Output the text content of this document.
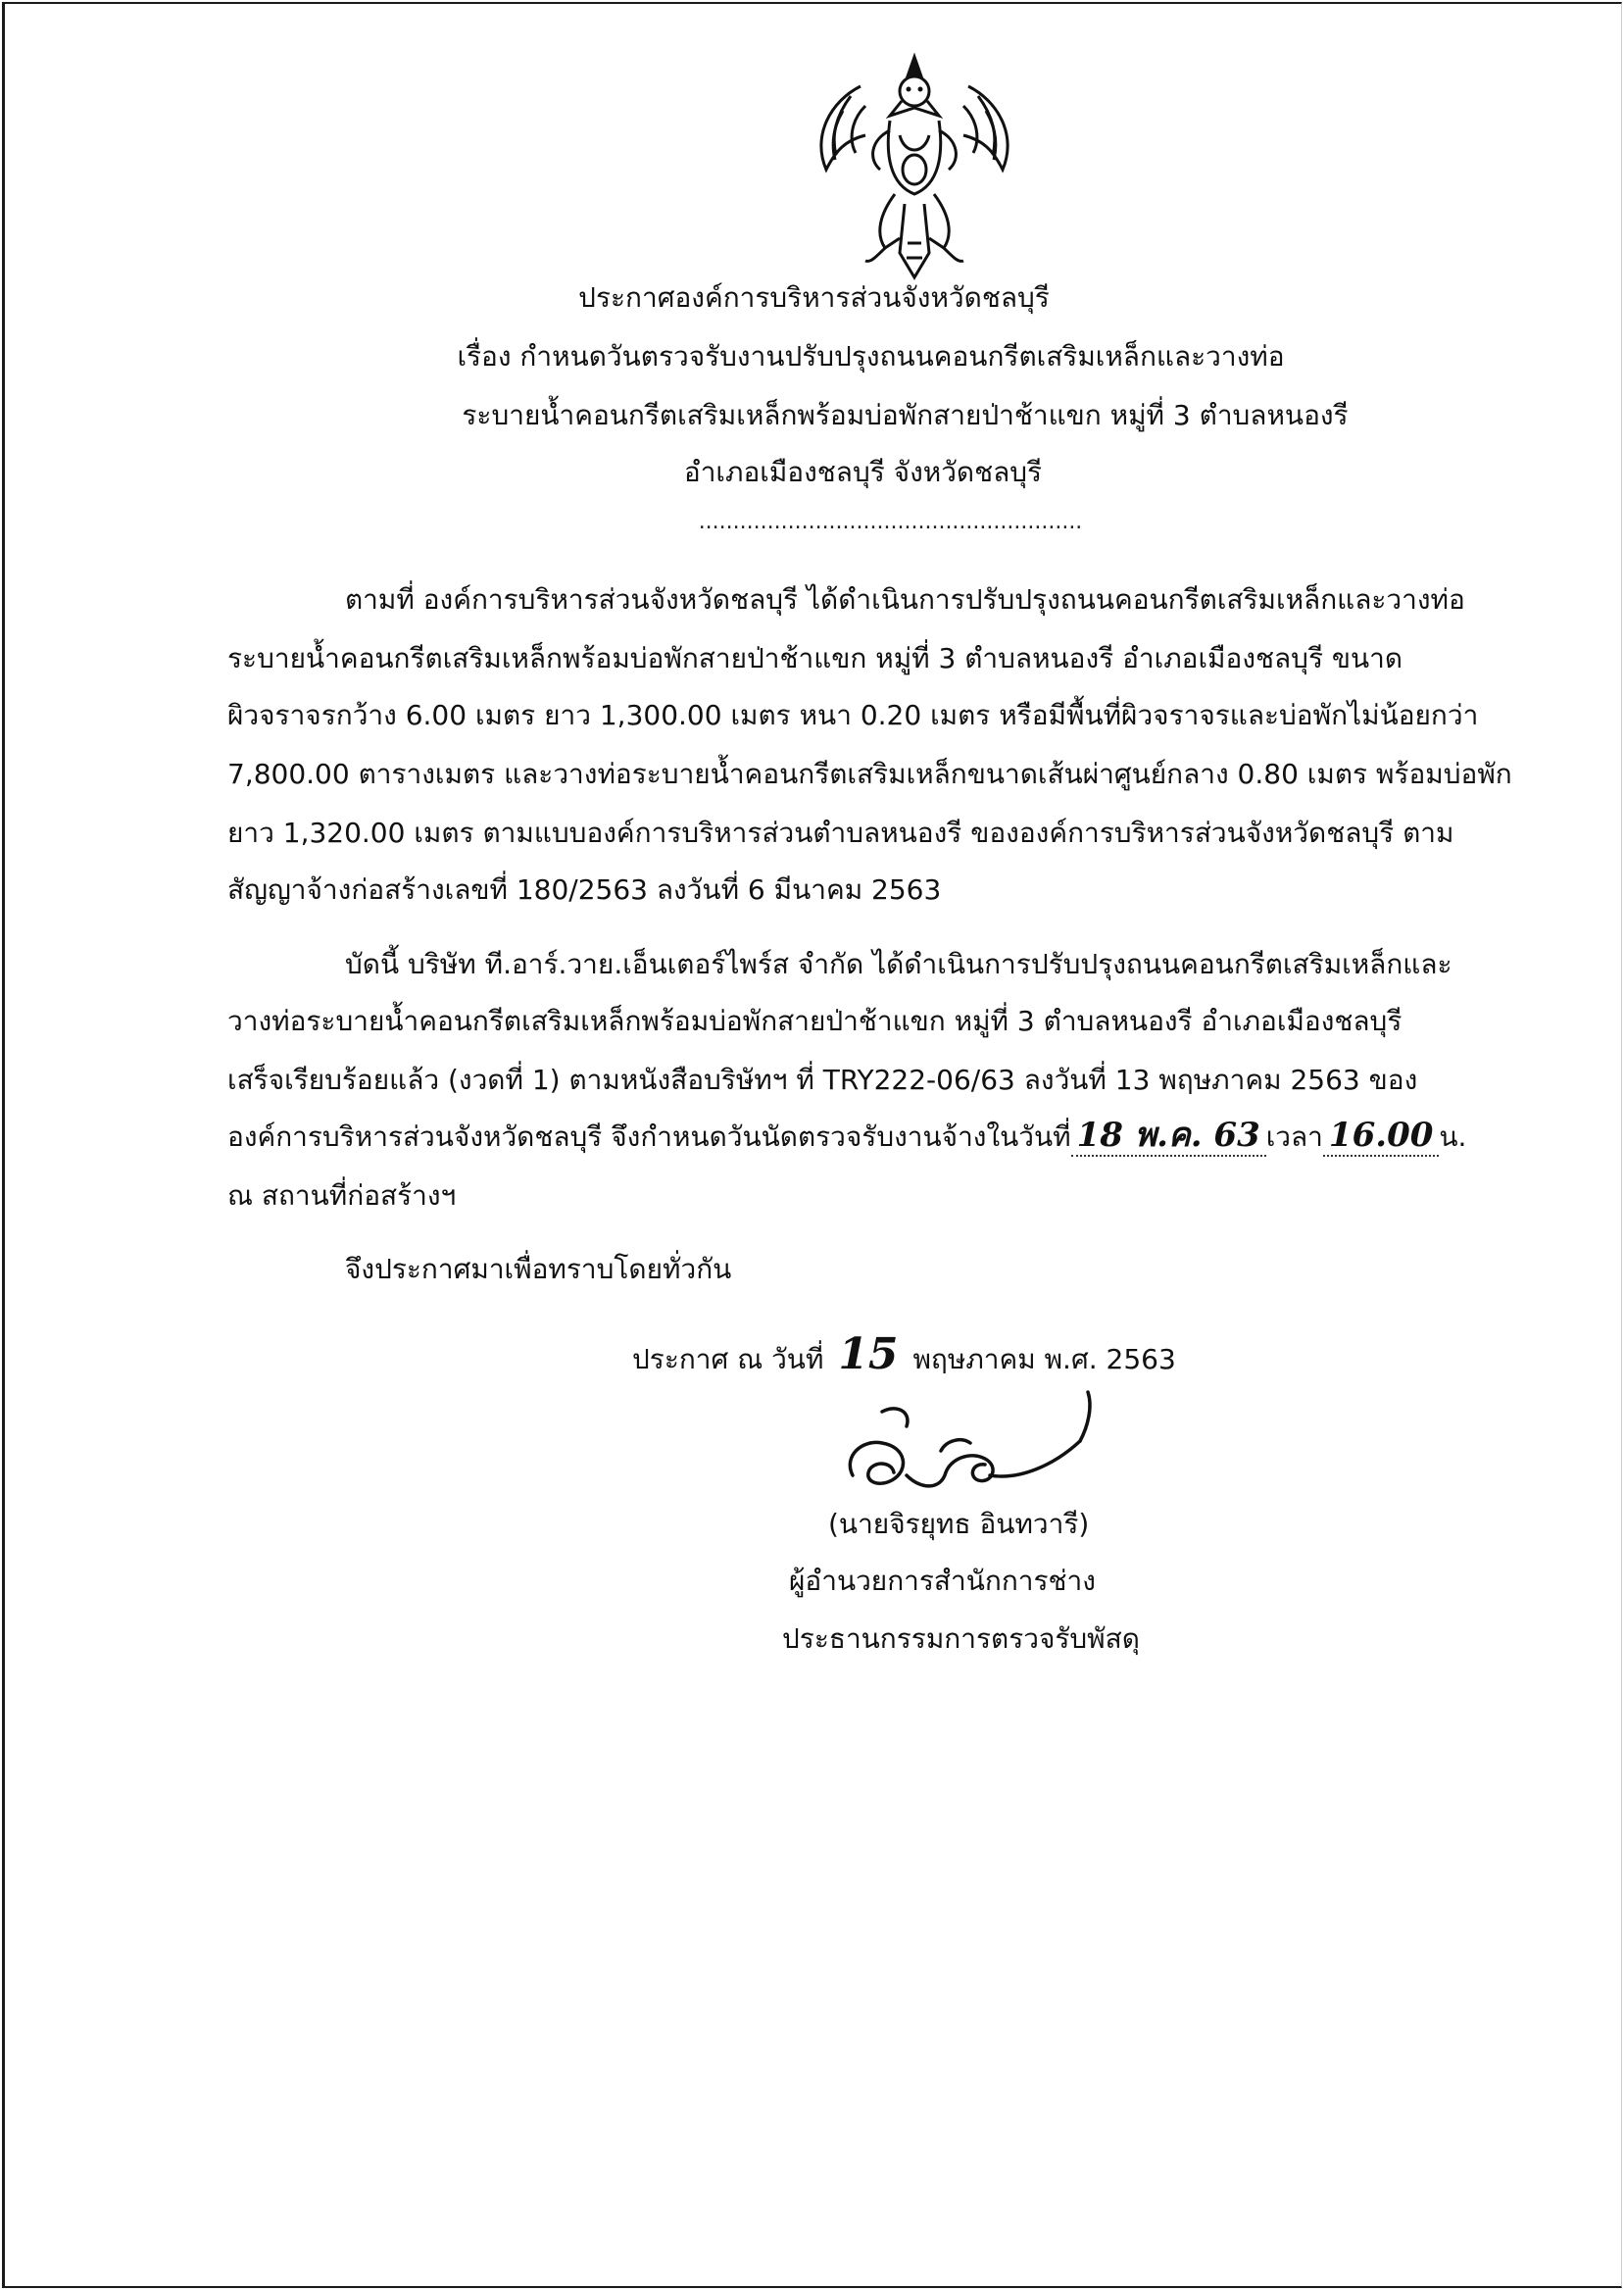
ประกาศองค์การบริหารส่วนจังหวัดชลบุรี
เรื่อง กำหนดวันตรวจรับงานปรับปรุงถนนคอนกรีตเสริมเหล็กและวางท่อ
ระบายน้ำคอนกรีตเสริมเหล็กพร้อมบ่อพักสายป่าช้าแขก หมู่ที่ 3 ตำบลหนองรี
อำเภอเมืองชลบุรี จังหวัดชลบุรี
........................................................
ตามที่ องค์การบริหารส่วนจังหวัดชลบุรี ได้ดำเนินการปรับปรุงถนนคอนกรีตเสริมเหล็กและวางท่อ
ระบายน้ำคอนกรีตเสริมเหล็กพร้อมบ่อพักสายป่าช้าแขก หมู่ที่ 3 ตำบลหนองรี อำเภอเมืองชลบุรี ขนาด
ผิวจราจรกว้าง 6.00 เมตร ยาว 1,300.00 เมตร หนา 0.20 เมตร หรือมีพื้นที่ผิวจราจรและบ่อพักไม่น้อยกว่า
7,800.00 ตารางเมตร และวางท่อระบายน้ำคอนกรีตเสริมเหล็กขนาดเส้นผ่าศูนย์กลาง 0.80 เมตร พร้อมบ่อพัก
ยาว 1,320.00 เมตร ตามแบบองค์การบริหารส่วนตำบลหนองรี ขององค์การบริหารส่วนจังหวัดชลบุรี ตาม
สัญญาจ้างก่อสร้างเลขที่ 180/2563 ลงวันที่ 6 มีนาคม 2563
บัดนี้ บริษัท ที.อาร์.วาย.เอ็นเตอร์ไพร์ส จำกัด ได้ดำเนินการปรับปรุงถนนคอนกรีตเสริมเหล็กและ
วางท่อระบายน้ำคอนกรีตเสริมเหล็กพร้อมบ่อพักสายป่าช้าแขก หมู่ที่ 3 ตำบลหนองรี อำเภอเมืองชลบุรี
เสร็จเรียบร้อยแล้ว (งวดที่ 1) ตามหนังสือบริษัทฯ ที่ TRY222-06/63 ลงวันที่ 13 พฤษภาคม 2563 ของ
องค์การบริหารส่วนจังหวัดชลบุรี จึงกำหนดวันนัดตรวจรับงานจ้างในวันที่ 18 พ.ค. 63 เวลา 16.00 น.
ณ สถานที่ก่อสร้างฯ
จึงประกาศมาเพื่อทราบโดยทั่วกัน
ประกาศ ณ วันที่ 15 พฤษภาคม พ.ศ. 2563
(นายจิรยุทธ อินทวารี)
ผู้อำนวยการสำนักการช่าง
ประธานกรรมการตรวจรับพัสดุ
